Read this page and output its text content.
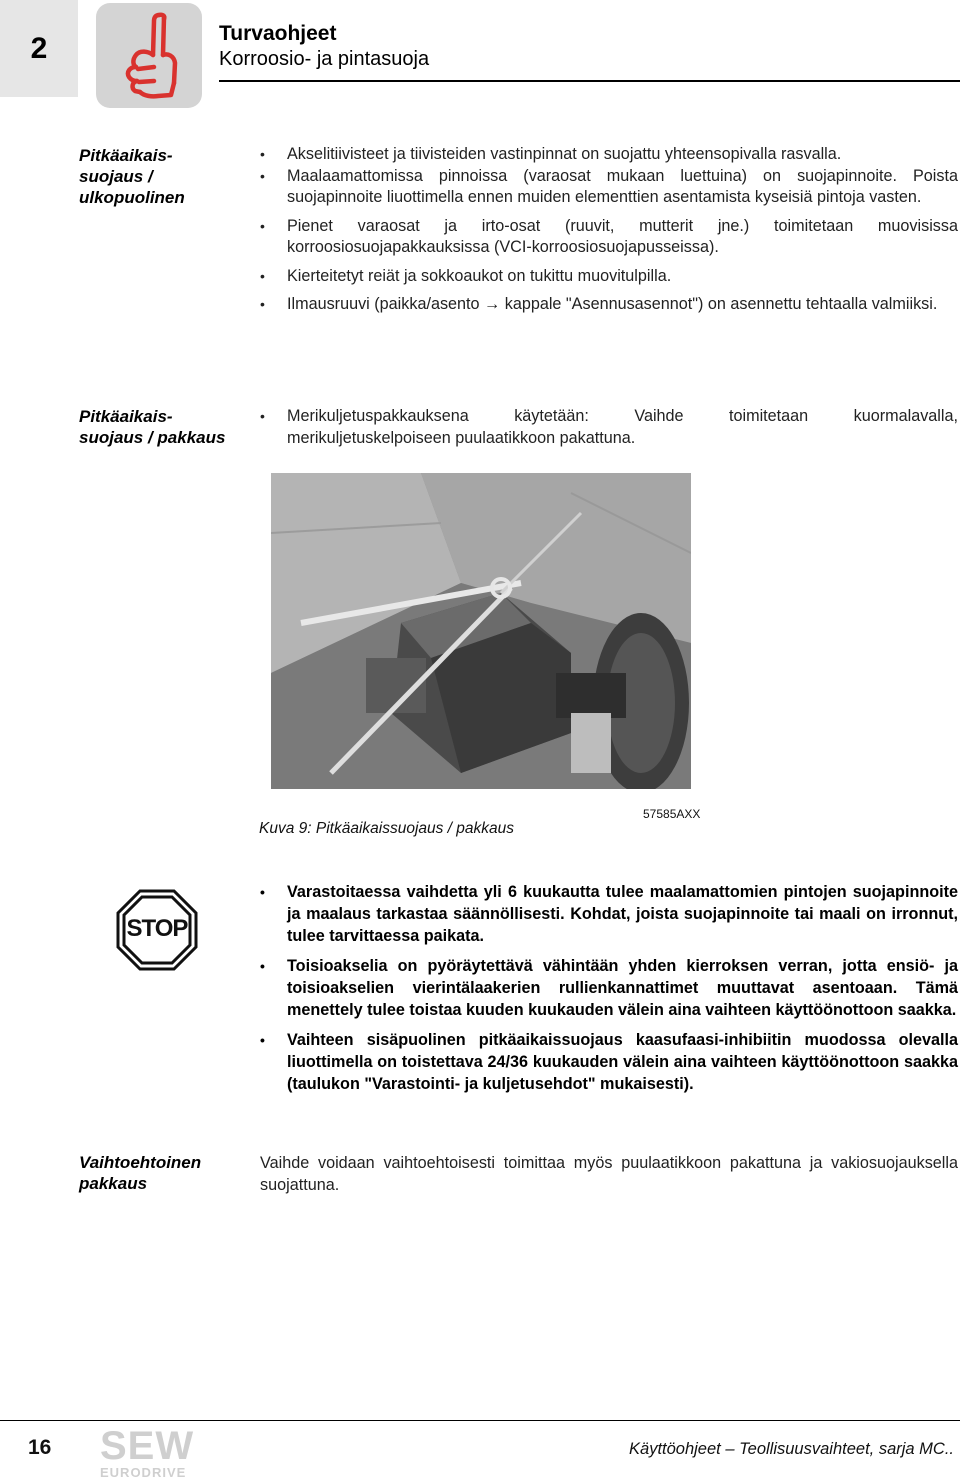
2	Turvaohjeet
Korroosio- ja pintasuoja
Pitkäaikais-
suojaus /
ulkopuolinen
• Akselitiivisteet ja tiivisteiden vastinpinnat on suojattu yhteensopivalla rasvalla.
• Maalaamattomissa pinnoissa (varaosat mukaan luettuina) on suojapinnoite. Poista suojapinnoite liuottimella ennen muiden elementtien asentamista kyseisiä pintoja vasten.
• Pienet varaosat ja irto-osat (ruuvit, mutterit jne.) toimitetaan muovisissa korroosiosuojapakkauksissa (VCI-korroosiosuojapusseissa).
• Kierteitetyt reiät ja sokkoaukot on tukittu muovitulpilla.
• Ilmausruuvi (paikka/asento → kappale "Asennusasennot") on asennettu tehtaalla valmiiksi.
Pitkäaikais-
suojaus / pakkaus
• Merikuljetuspakkauksena käytetään: Vaihde toimitetaan kuormalavalla, merikuljetuskelpoiseen puulaatikkoon pakattuna.
Kuva 9: Pitkäaikaissuojaus / pakkaus
57585AXX
STOP
• Varastoitaessa vaihdetta yli 6 kuukautta tulee maalamattomien pintojen suojapinnoite ja maalaus tarkastaa säännöllisesti. Kohdat, joista suojapinnoite tai maali on irronnut, tulee tarvittaessa paikata.
• Toisioakselia on pyöräytettävä vähintään yhden kierroksen verran, jotta ensiö- ja toisioakselien vierintälaakerien rullienkannattimet muuttavat asentoaan. Tämä menettely tulee toistaa kuuden kuukauden välein aina vaihteen käyttöönottoon saakka.
• Vaihteen sisäpuolinen pitkäaikaissuojaus kaasufaasi-inhibiitin muodossa olevalla liuottimella on toistettava 24/36 kuukauden välein aina vaihteen käyttöönottoon saakka (taulukon "Varastointi- ja kuljetusehdot" mukaisesti).
Vaihtoehtoinen
pakkaus
Vaihde voidaan vaihtoehtoisesti toimittaa myös puulaatikkoon pakattuna ja vakiosuojauksella suojattuna.
16 SEW
EURODRIVE
Käyttöohjeet – Teollisuusvaihteet, sarja MC..
